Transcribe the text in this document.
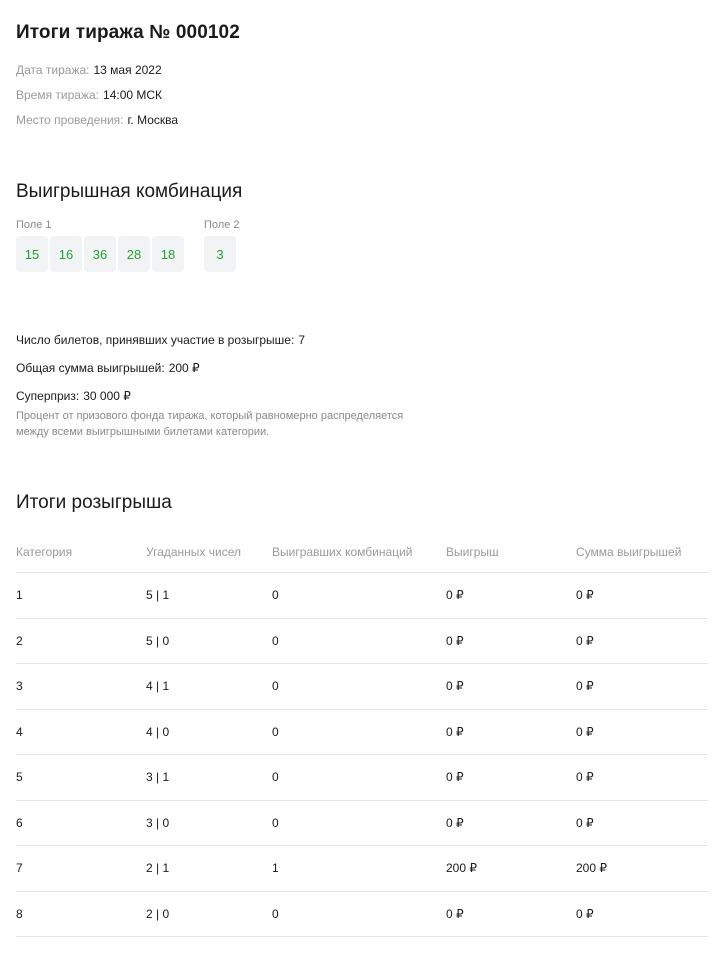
Итоги тиража № 000102
Дата тиража: 13 мая 2022
Время тиража: 14:00 МСК
Место проведения: г. Москва
Выигрышная комбинация
Поле 1
15	16	36	28	18
Поле 2
3
Число билетов, принявших участие в розыгрыше: 7
Общая сумма выигрышей: 200 ₽
Суперприз: 30 000 ₽
Процент от призового фонда тиража, который равномерно распределяется между всеми выигрышными билетами категории.
Итоги розыгрыша
Категория	Угаданных чисел	Выигравших комбинаций	Выигрыш	Сумма выигрышей
1	5 | 1	0	0 ₽	0 ₽
2	5 | 0	0	0 ₽	0 ₽
3	4 | 1	0	0 ₽	0 ₽
4	4 | 0	0	0 ₽	0 ₽
5	3 | 1	0	0 ₽	0 ₽
6	3 | 0	0	0 ₽	0 ₽
7	2 | 1	1	200 ₽	200 ₽
8	2 | 0	0	0 ₽	0 ₽
